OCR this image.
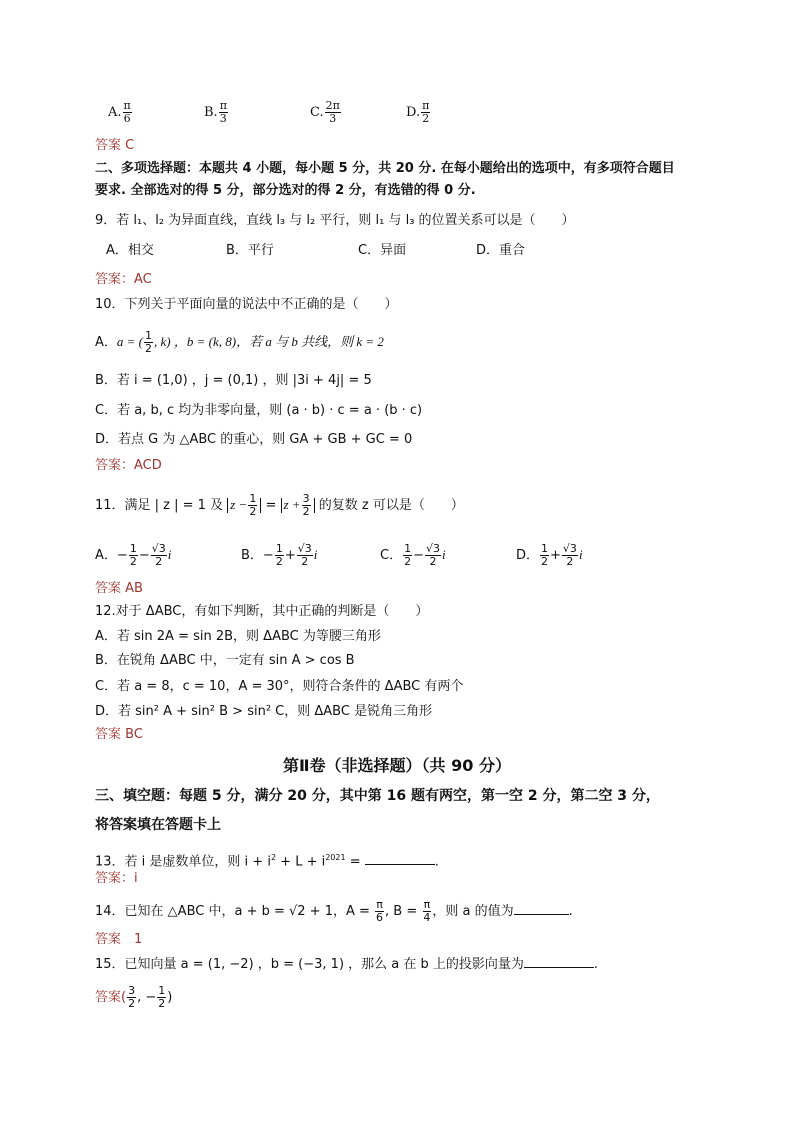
A. $\frac{\pi}{6}$	B. $\frac{\pi}{3}$	C. $\frac{2\pi}{3}$	D. $\frac{\pi}{2}$
答案 C
二、多项选择题：本题共 4 小题，每小题 5 分，共 20 分. 在每小题给出的选项中，有多项符合题目
要求. 全部选对的得 5 分，部分选对的得 2 分，有选错的得 0 分.
9．若 l₁、l₂ 为异面直线，直线 l₃ 与 l₂ 平行，则 l₁ 与 l₃ 的位置关系可以是（　　）
A．相交	B．平行	C．异面	D．重合
答案：AC
10．下列关于平面向量的说法中不正确的是（　　）
A．a = ( $\frac{1}{2}$ , k) ，b = (k, 8)，若 a 与 b 共线，则 k = 2
B．若 i = (1,0) ，j = (0,1) ，则 |3i + 4j| = 5
C．若 a, b, c 均为非零向量，则 (a · b) · c = a · (b · c)
D．若点 G 为 △ABC 的重心，则 GA + GB + GC = 0
答案：ACD
11．满足 | z | = 1 及 $z - \frac{1}{2} = z + \frac{3}{2}$ 的复数 z 可以是（　　）
A．− $\frac{1}{2} - \frac{√3}{2}$ i	B．− $\frac{1}{2} + \frac{√3}{2}$ i	C． $\frac{1}{2} - \frac{√3}{2}$ i	D． $\frac{1}{2} + \frac{√3}{2}$ i
答案 AB
12.对于 ΔABC，有如下判断，其中正确的判断是（　　）
A．若 sin 2A = sin 2B，则 ΔABC 为等腰三角形
B．在锐角 ΔABC 中，一定有 sin A > cos B
C．若 a = 8，c = 10，A = 30°，则符合条件的 ΔABC 有两个
D．若 sin² A + sin² B > sin² C，则 ΔABC 是锐角三角形
答案 BC
第Ⅱ卷（非选择题）（共 90 分）
三、填空题：每题 5 分，满分 20 分，其中第 16 题有两空，第一空 2 分，第二空 3 分，
将答案填在答题卡上
13．若 i 是虚数单位，则 $i + i^2 + L + i^{2021}$ =	.
答案：i
14．已知在 △ABC 中，a + b = √2 + 1，$A = \frac{\pi}{6}$ , $B = \frac{\pi}{4}$ ，则 a 的值为	.
答案　1
15．已知向量 a = (1, −2) ，b = (−3, 1) ，那么 a 在 b 上的投影向量为	.
答案( $\frac{3}{2}$ , − $\frac{1}{2}$ )
